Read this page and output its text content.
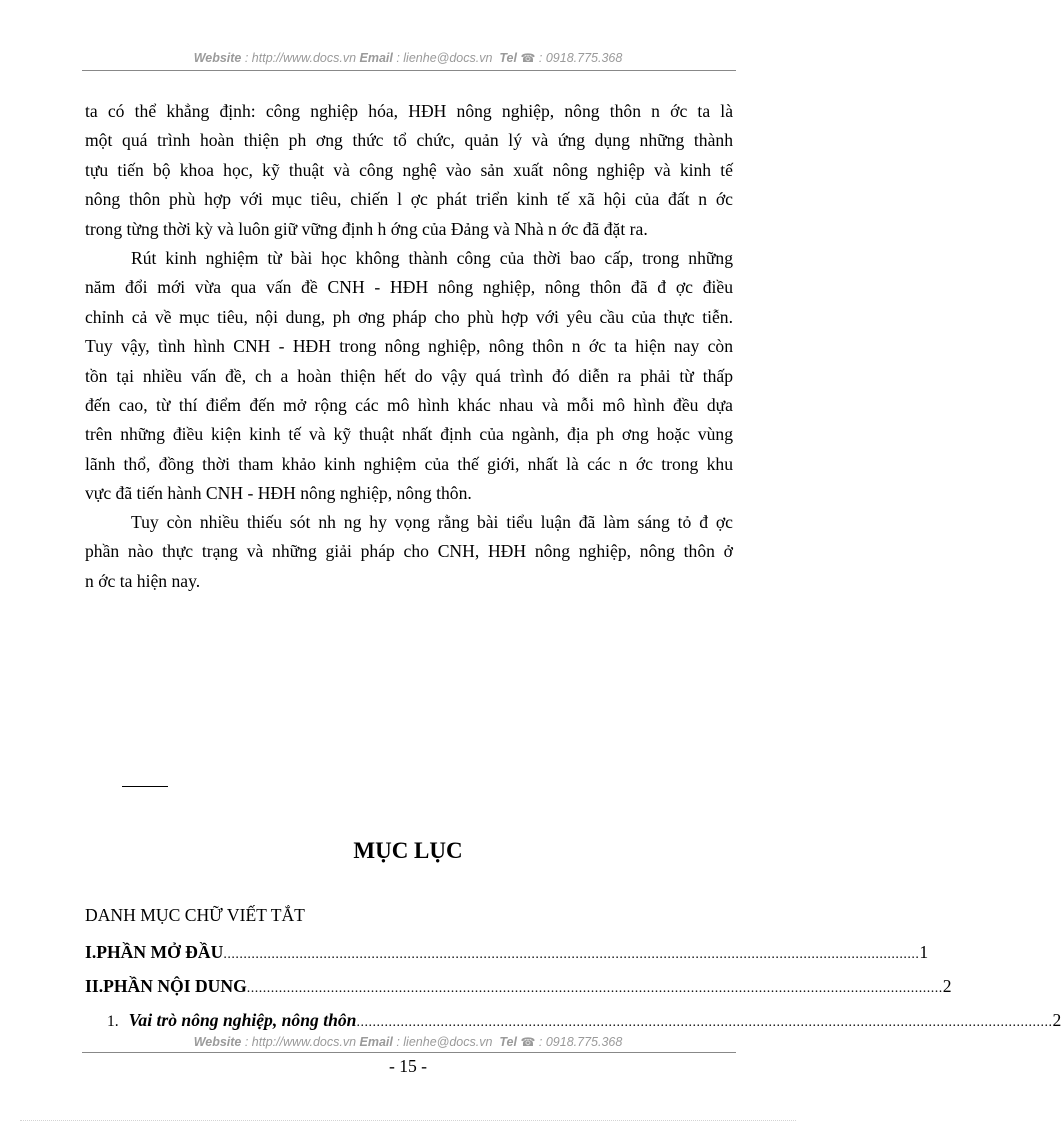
Website : http://www.docs.vn Email : lienhe@docs.vn  Tel ☎ : 0918.775.368
ta có thể khẳng định: công nghiệp hóa, HĐH nông nghiệp, nông thôn n ớc ta là
một quá trình hoàn thiện ph ơng thức tổ chức, quản lý và ứng dụng những thành
tựu tiến bộ khoa học, kỹ thuật và công nghệ vào sản xuất nông nghiệp và kinh tế
nông thôn phù hợp với mục tiêu, chiến l ợc phát triển kinh tế xã hội của đất n ớc
trong từng thời kỳ và luôn giữ vững định h ớng của Đảng và Nhà n ớc đã đặt ra.
Rút kinh nghiệm từ bài học không thành công của thời bao cấp, trong những
năm đổi mới vừa qua vấn đề CNH - HĐH nông nghiệp, nông thôn đã đ ợc điều
chỉnh cả về mục tiêu, nội dung, ph ơng pháp cho phù hợp với yêu cầu của thực tiễn.
Tuy vậy, tình hình CNH - HĐH trong nông nghiệp, nông thôn n ớc ta hiện nay còn
tồn tại nhiều vấn đề, ch a hoàn thiện hết do vậy quá trình đó diễn ra phải từ thấp
đến cao, từ thí điểm đến mở rộng các mô hình khác nhau và mỗi mô hình đều dựa
trên những điều kiện kinh tế và kỹ thuật nhất định của ngành, địa ph ơng hoặc vùng
lãnh thổ, đồng thời tham khảo kinh nghiệm của thế giới, nhất là các n ớc trong khu
vực đã tiến hành CNH - HĐH nông nghiệp, nông thôn.
Tuy còn nhiều thiếu sót nh ng hy vọng rằng bài tiểu luận đã làm sáng tỏ đ ợc
phần nào thực trạng và những giải pháp cho CNH, HĐH nông nghiệp, nông thôn ở
n ớc ta hiện nay.
MỤC LỤC
DANH MỤC CHỮ VIẾT TẮT
I. PHẦN MỞ ĐẦU .............................................................................................................................................................................. 1
II. PHẦN NỘI DUNG .............................................................................................................................................................................. 2
1. Vai trò nông nghiệp, nông thôn .............................................................................................................................................................................. 2
Website : http://www.docs.vn Email : lienhe@docs.vn  Tel ☎ : 0918.775.368
- 15 -
